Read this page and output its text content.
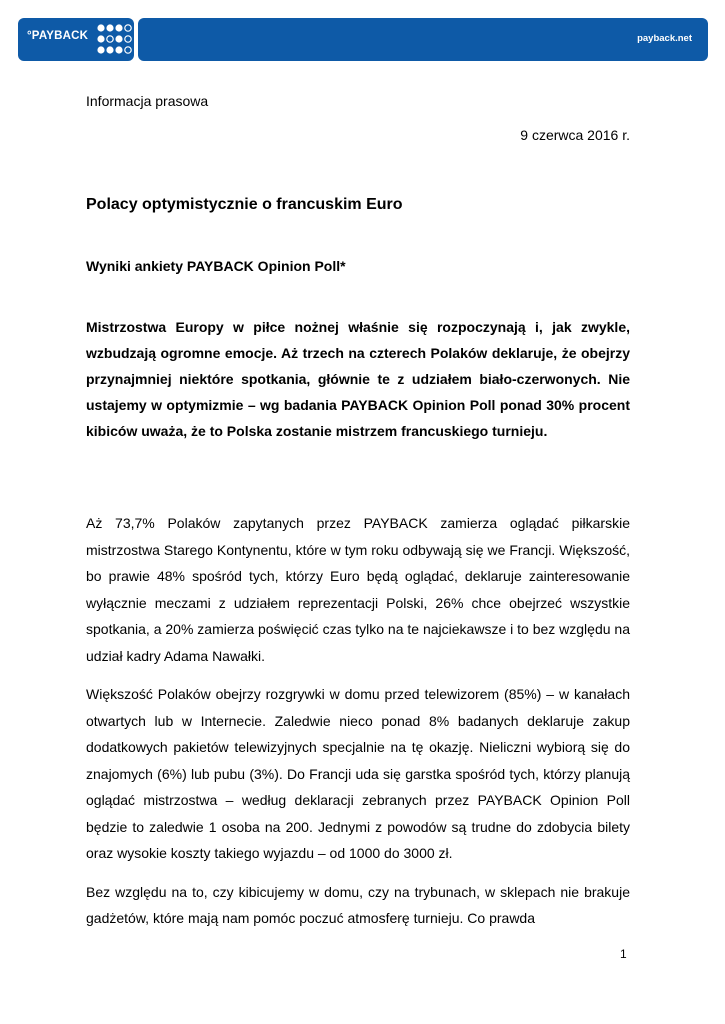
°PAYBACK	payback.net
Informacja prasowa
9 czerwca 2016 r.
Polacy optymistycznie o francuskim Euro
Wyniki ankiety PAYBACK Opinion Poll*
Mistrzostwa Europy w piłce nożnej właśnie się rozpoczynają i, jak zwykle, wzbudzają ogromne emocje. Aż trzech na czterech Polaków deklaruje, że obejrzy przynajmniej niektóre spotkania, głównie te z udziałem biało-czerwonych. Nie ustajemy w optymizmie – wg badania PAYBACK Opinion Poll ponad 30% procent kibiców uważa, że to Polska zostanie mistrzem francuskiego turnieju.

Aż 73,7% Polaków zapytanych przez PAYBACK zamierza oglądać piłkarskie mistrzostwa Starego Kontynentu, które w tym roku odbywają się we Francji. Większość, bo prawie 48% spośród tych, którzy Euro będą oglądać, deklaruje zainteresowanie wyłącznie meczami z udziałem reprezentacji Polski, 26% chce obejrzeć wszystkie spotkania, a 20% zamierza poświęcić czas tylko na te najciekawsze i to bez względu na udział kadry Adama Nawałki.

Większość Polaków obejrzy rozgrywki w domu przed telewizorem (85%) – w kanałach otwartych lub w Internecie. Zaledwie nieco ponad 8% badanych deklaruje zakup dodatkowych pakietów telewizyjnych specjalnie na tę okazję. Nieliczni wybiorą się do znajomych (6%) lub pubu (3%). Do Francji uda się garstka spośród tych, którzy planują oglądać mistrzostwa – według deklaracji zebranych przez PAYBACK Opinion Poll będzie to zaledwie 1 osoba na 200. Jednymi z powodów są trudne do zdobycia bilety oraz wysokie koszty takiego wyjazdu – od 1000 do 3000 zł.

Bez względu na to, czy kibicujemy w domu, czy na trybunach, w sklepach nie brakuje gadżetów, które mają nam pomóc poczuć atmosferę turnieju. Co prawda

1
